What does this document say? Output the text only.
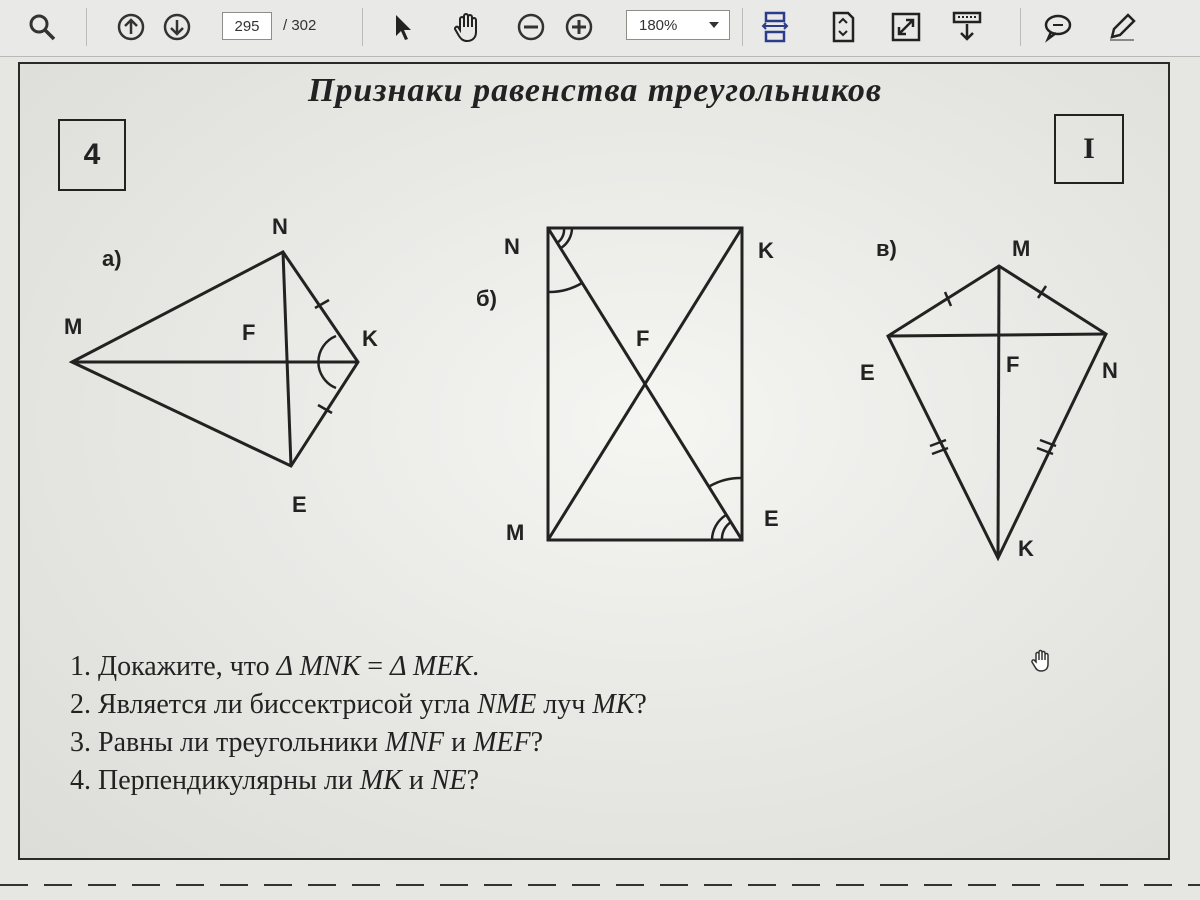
295
/ 302	180%
Признаки равенства треугольников
4	I
а)
M
N
F	K
E
N	K
б)
F
M
E
в)	M
E	F	N
K
1. Докажите, что Δ MNK = Δ MEK.
2. Является ли биссектрисой угла NME луч MK?
3. Равны ли треугольники MNF и MEF?
4. Перпендикулярны ли MK и NE?
